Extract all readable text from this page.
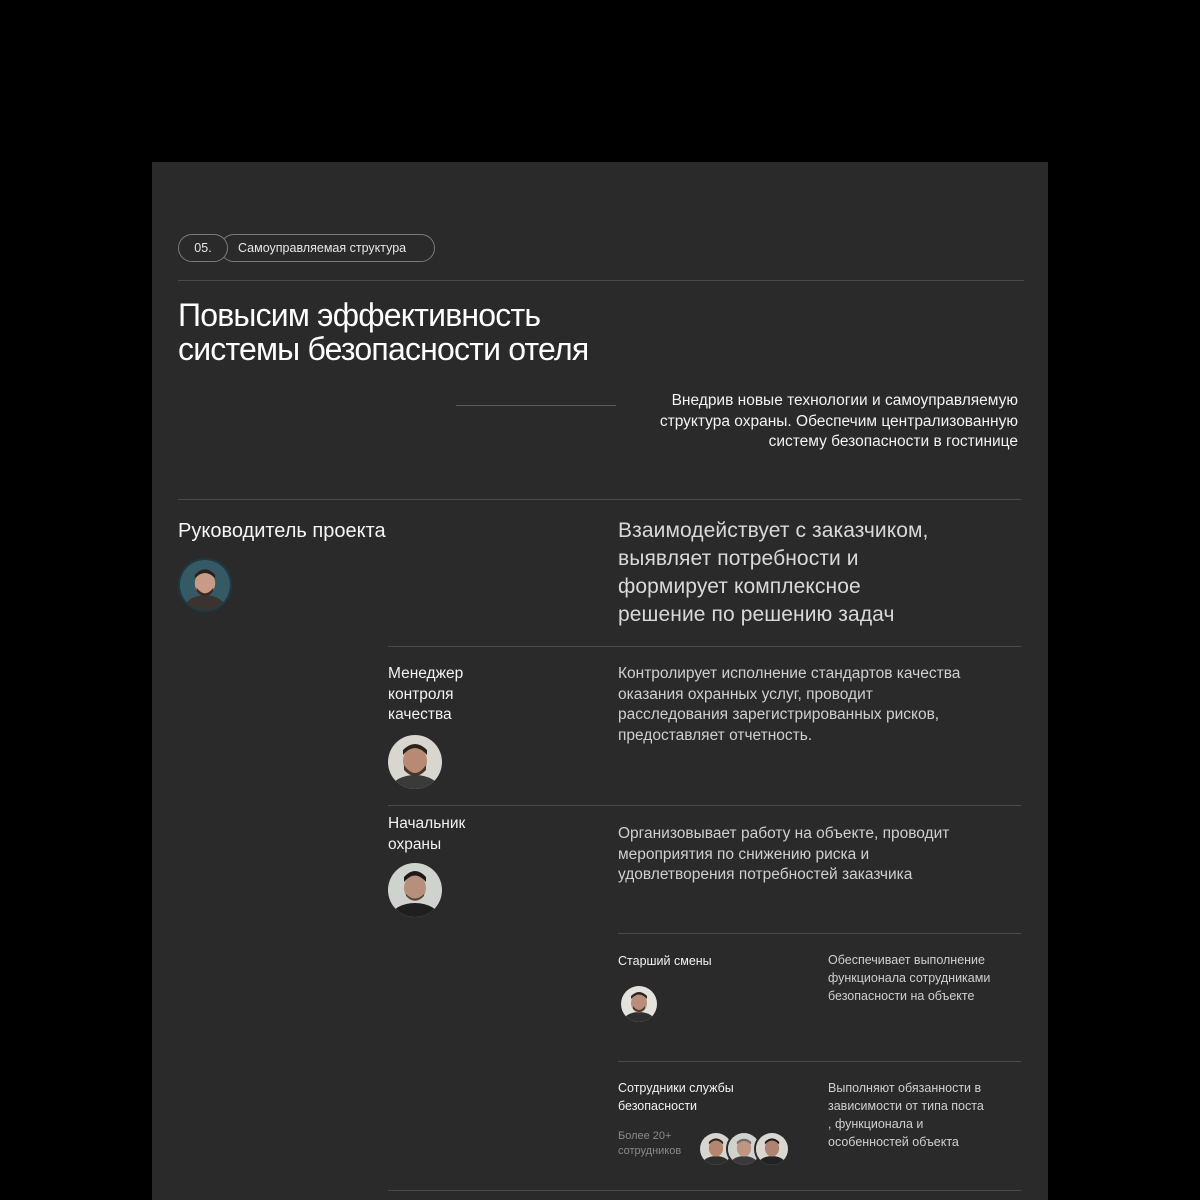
Самоуправляемая структура
05.
Повысим эффективность
системы безопасности отеля
Внедрив новые технологии и самоуправляемую
структура охраны. Обеспечим централизованную
систему безопасности в гостинице
Руководитель проекта	Взаимодействует с заказчиком,
выявляет потребности и
формирует комплексное
решение по решению задач
Менеджер
контроля
качества
Контролирует исполнение стандартов качества
оказания охранных услуг, проводит
расследования зарегистрированных рисков,
предоставляет отчетность.
Начальник
охраны
Организовывает работу на объекте, проводит
мероприятия по снижению риска и
удовлетворения потребностей заказчика
Старший смены	Обеспечивает выполнение
функционала сотрудниками
безопасности на объекте
Сотрудники службы
безопасности
Более 20+
сотрудников
Выполняют обязанности в
зависимости от типа поста
, функционала и
особенностей объекта
